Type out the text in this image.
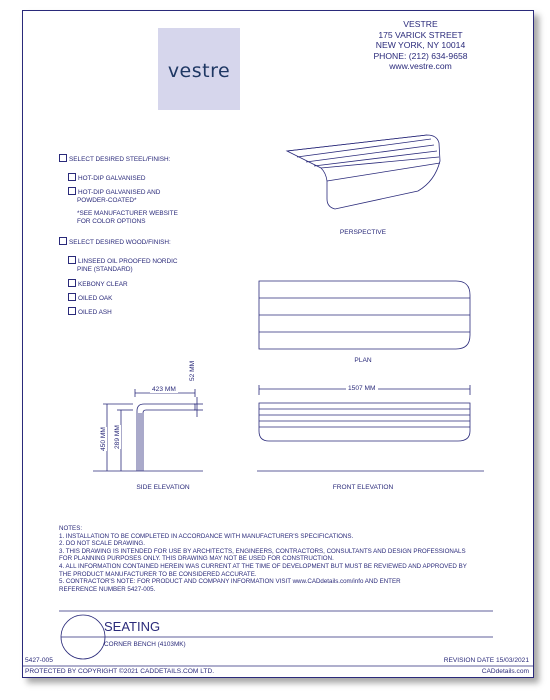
vestre
VESTRE
175 VARICK STREET
NEW YORK, NY 10014
PHONE: (212) 634-9658
www.vestre.com
SELECT DESIRED STEEL/FINISH:
HOT-DIP GALVANISED
HOT-DIP GALVANISED AND
POWDER-COATED*
*SEE MANUFACTURER WEBSITE
FOR COLOR OPTIONS
SELECT DESIRED WOOD/FINISH:
LINSEED OIL PROOFED NORDIC
PINE (STANDARD)
KEBONY CLEAR
OILED OAK
OILED ASH
PERSPECTIVE
PLAN
SIDE ELEVATION	FRONT ELEVATION
423 MM
52 MM
450 MM 289 MM
1507 MM
NOTES:
1. INSTALLATION TO BE COMPLETED IN ACCORDANCE WITH MANUFACTURER'S SPECIFICATIONS.
2. DO NOT SCALE DRAWING.
3. THIS DRAWING IS INTENDED FOR USE BY ARCHITECTS, ENGINEERS, CONTRACTORS, CONSULTANTS AND DESIGN PROFESSIONALS
FOR PLANNING PURPOSES ONLY. THIS DRAWING MAY NOT BE USED FOR CONSTRUCTION.
4. ALL INFORMATION CONTAINED HEREIN WAS CURRENT AT THE TIME OF DEVELOPMENT BUT MUST BE REVIEWED AND APPROVED BY
THE PRODUCT MANUFACTURER TO BE CONSIDERED ACCURATE.
5. CONTRACTOR'S NOTE: FOR PRODUCT AND COMPANY INFORMATION VISIT www.CADdetails.com/info AND ENTER
REFERENCE NUMBER 5427-005.
SEATING
CORNER BENCH (4103MK)
5427-005	REVISION DATE 15/03/2021
PROTECTED BY COPYRIGHT ©2021 CADDETAILS.COM LTD.	CADdetails.com
